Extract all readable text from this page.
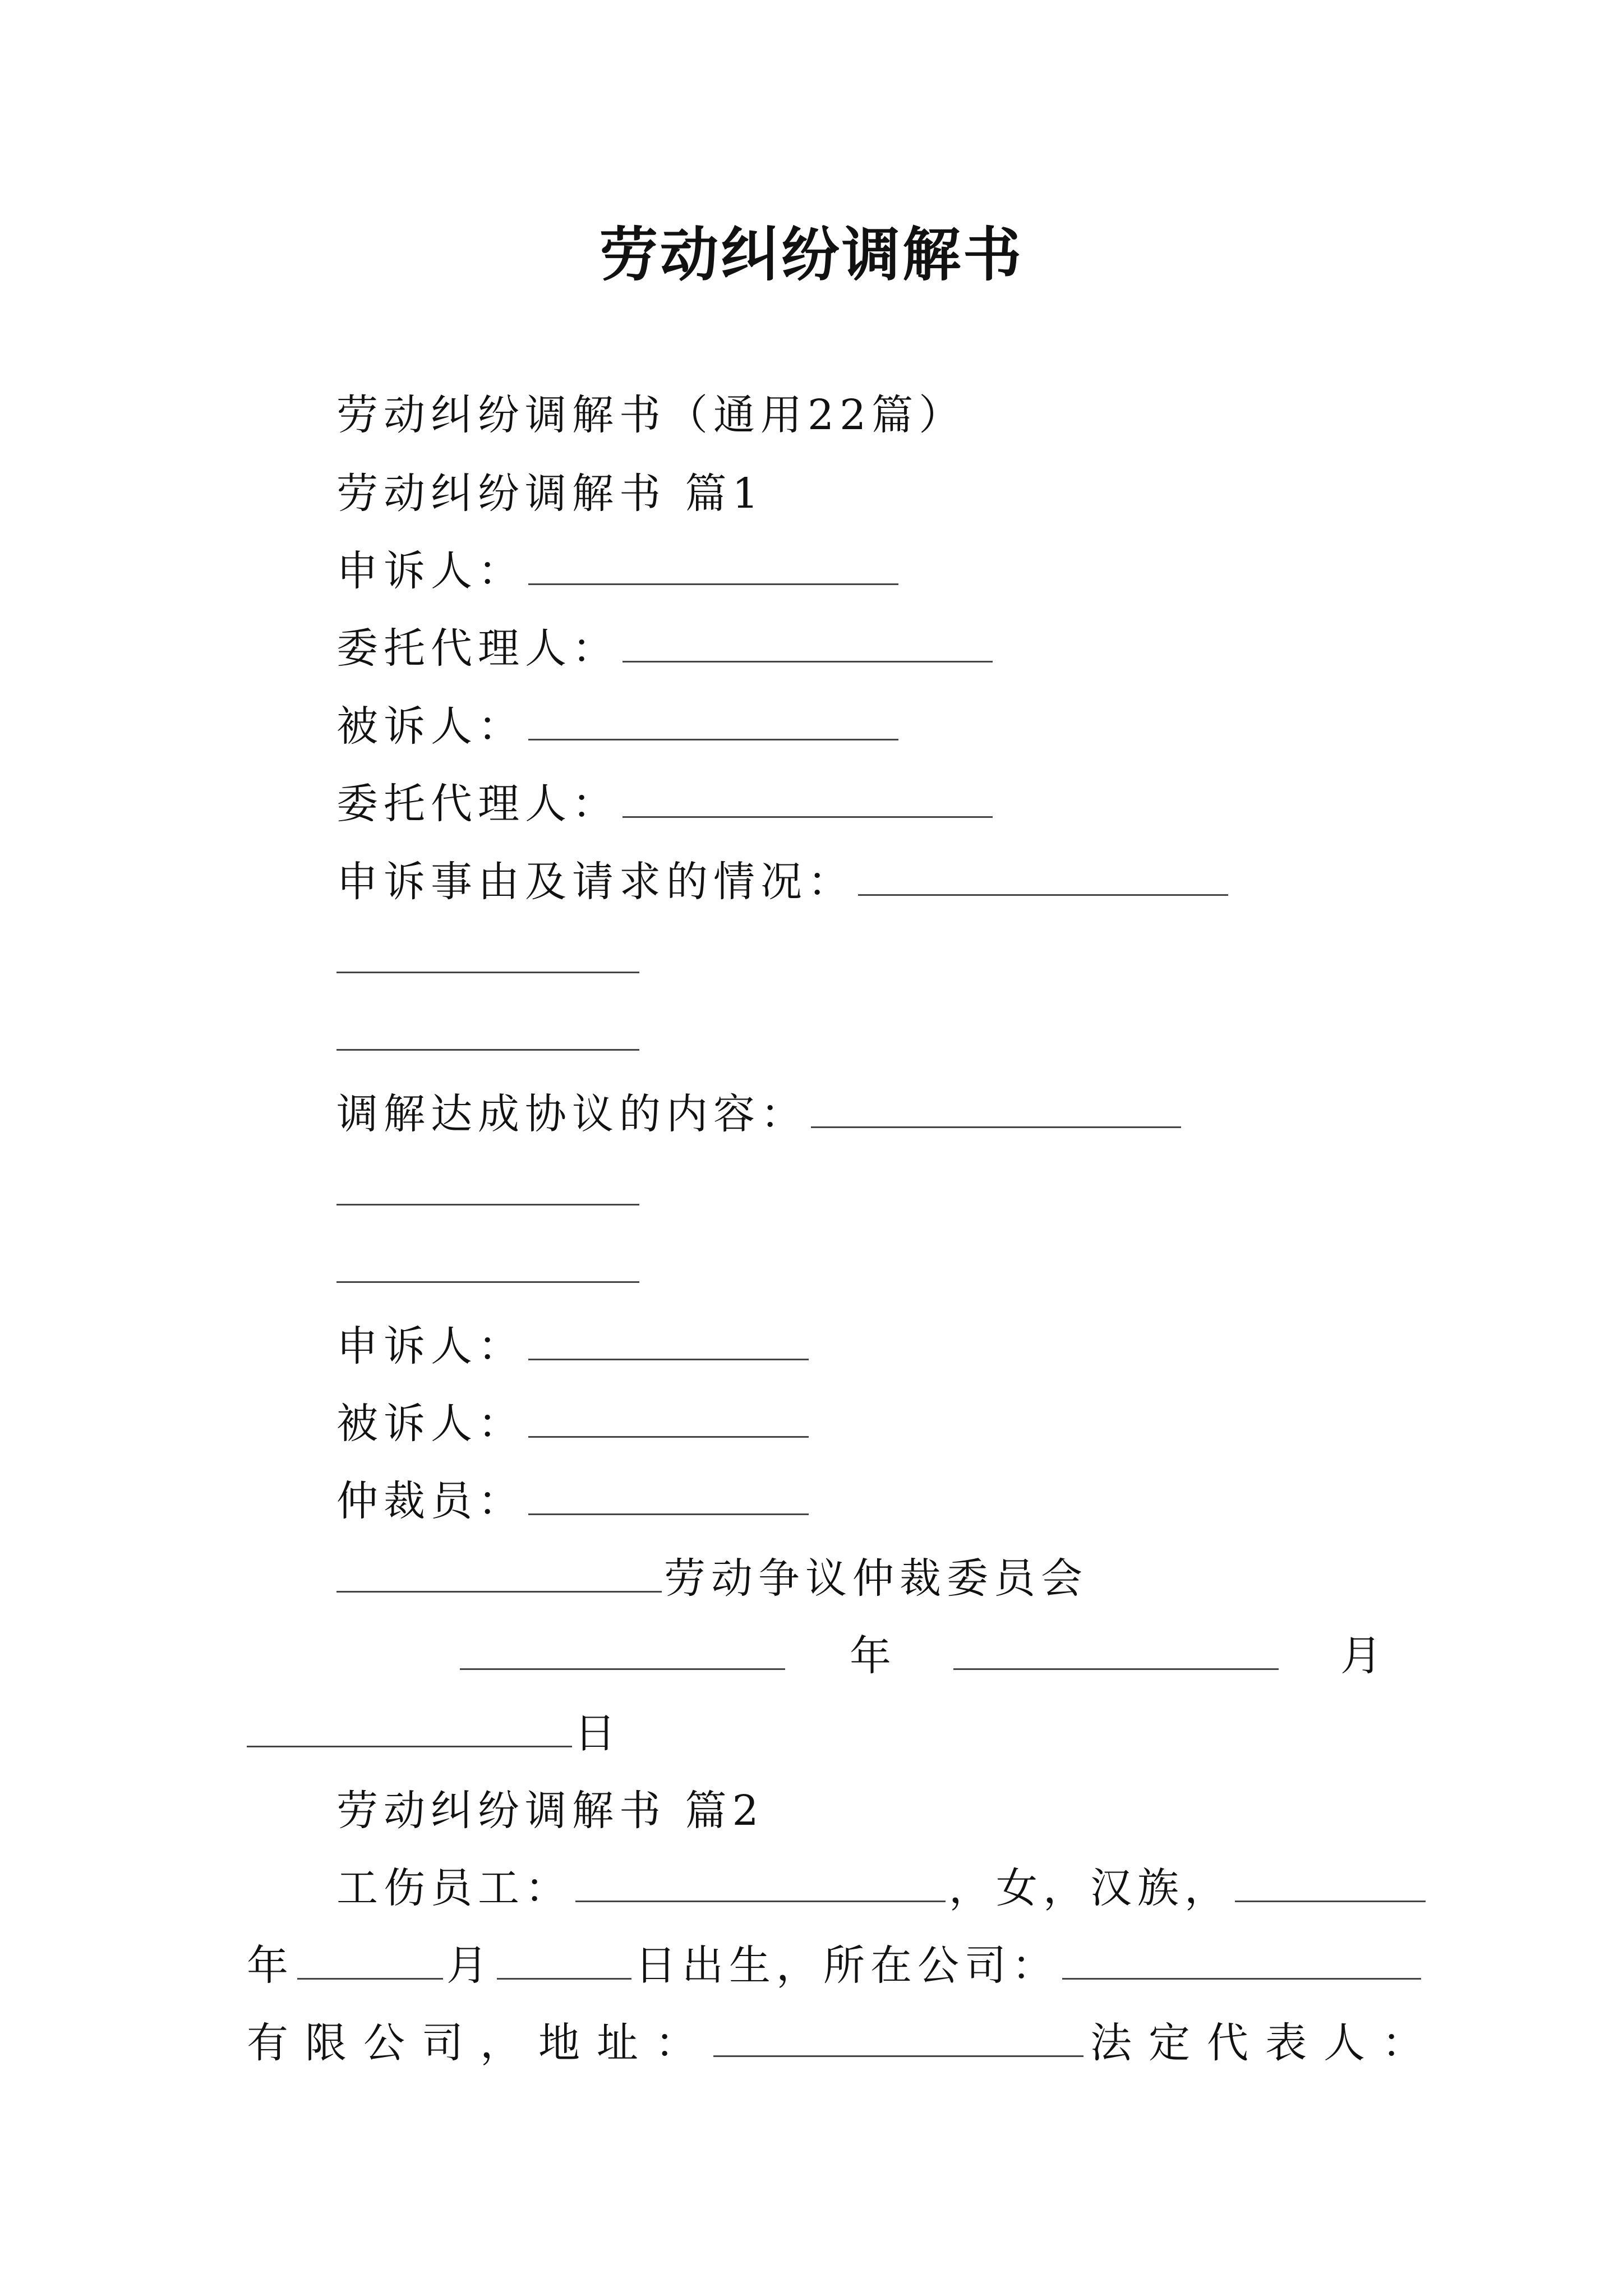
劳动纠纷调解书
劳动纠纷调解书（通用22篇）
劳动纠纷调解书 篇1
申诉人：
委托代理人：
被诉人：
委托代理人：
申诉事由及请求的情况：
调解达成协议的内容：
申诉人：
被诉人：
仲裁员：
劳动争议仲裁委员会
年	月
日
劳动纠纷调解书 篇2
工伤员工：	，女，汉族，
年	月	日出生，所在公司：
有限公司，地址：	法定代表人：
